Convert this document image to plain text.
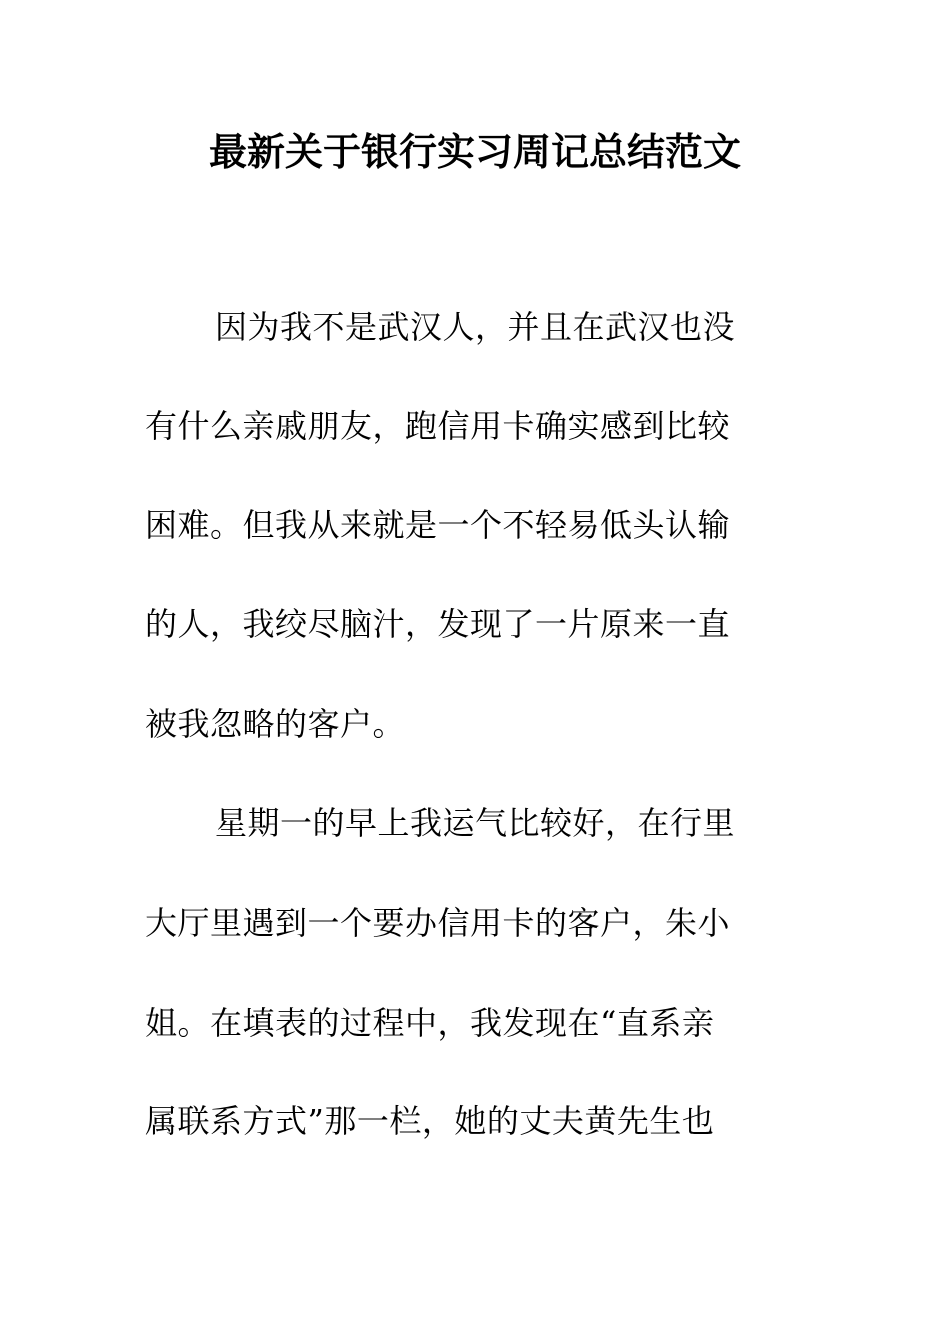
最新关于银行实习周记总结范文
因为我不是武汉人，并且在武汉也没
有什么亲戚朋友，跑信用卡确实感到比较
困难。但我从来就是一个不轻易低头认输
的人，我绞尽脑汁，发现了一片原来一直
被我忽略的客户。
星期一的早上我运气比较好，在行里
大厅里遇到一个要办信用卡的客户，朱小
姐。在填表的过程中，我发现在“直系亲
属联系方式”那一栏，她的丈夫黄先生也
